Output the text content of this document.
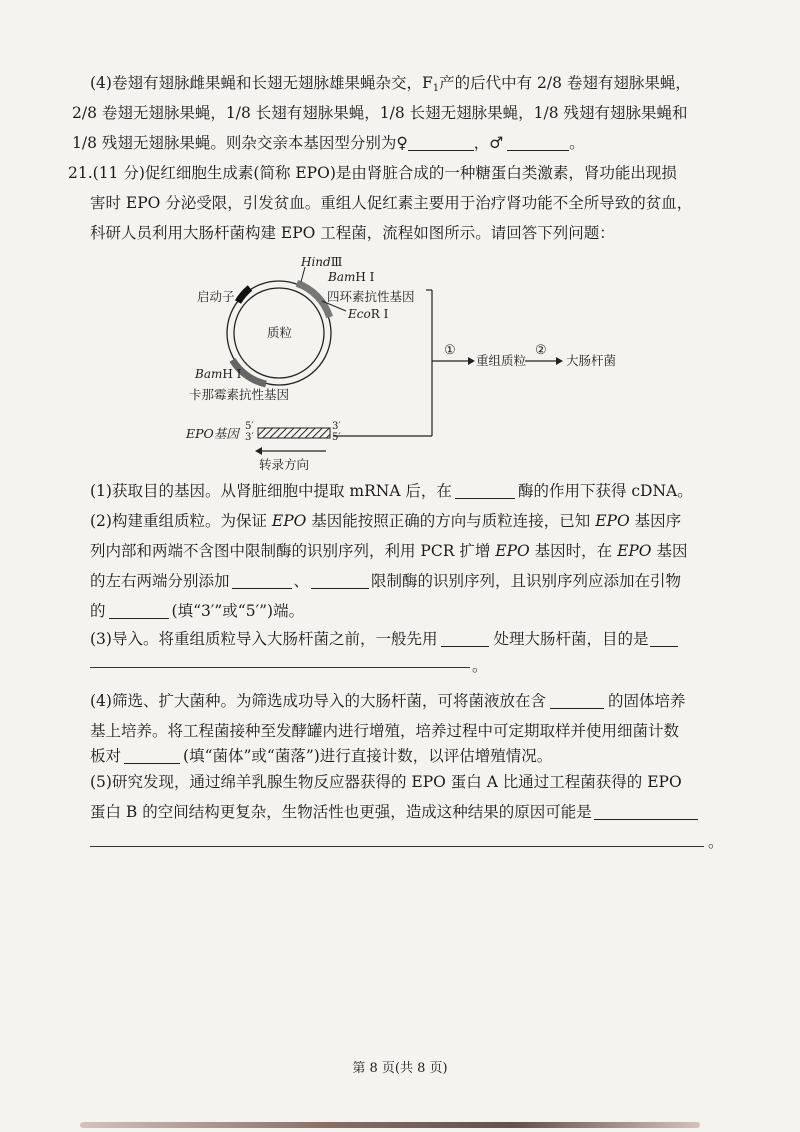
(4)卷翅有翅脉雌果蝇和长翅无翅脉雄果蝇杂交，$F_1$产的后代中有 2/8 卷翅有翅脉果蝇，
2/8 卷翅无翅脉果蝇，1/8 长翅有翅脉果蝇，1/8 长翅无翅脉果蝇，1/8 残翅有翅脉果蝇和
1/8 残翅无翅脉果蝇。则杂交亲本基因型分别为♀	，♂	。
21.(11 分)促红细胞生成素(简称 EPO)是由肾脏合成的一种糖蛋白类激素，肾功能出现损
害时 EPO 分泌受限，引发贫血。重组人促红素主要用于治疗肾功能不全所导致的贫血，
科研人员利用大肠杆菌构建 EPO 工程菌，流程如图所示。请回答下列问题：
HindⅢ
BamH Ⅰ
四环素抗性基因
EcoR Ⅰ
启动子
质粒
BamH Ⅰ
卡那霉素抗性基因
EPO基因 5′
3′
3′
5′
转录方向
①	②
重组质粒	大肠杆菌
(1)获取目的基因。从肾脏细胞中提取 mRNA 后，在	酶的作用下获得 cDNA。
(2)构建重组质粒。为保证 EPO 基因能按照正确的方向与质粒连接，已知 EPO 基因序
列内部和两端不含图中限制酶的识别序列，利用 PCR 扩增 EPO 基因时，在 EPO 基因
的左右两端分别添加	、	限制酶的识别序列，且识别序列应添加在引物
的	(填“3′”或“5′”)端。
(3)导入。将重组质粒导入大肠杆菌之前，一般先用	处理大肠杆菌，目的是
。
(4)筛选、扩大菌种。为筛选成功导入的大肠杆菌，可将菌液放在含	的固体培养
基上培养。将工程菌接种至发酵罐内进行增殖，培养过程中可定期取样并使用细菌计数
板对	(填“菌体”或“菌落”)进行直接计数，以评估增殖情况。
(5)研究发现，通过绵羊乳腺生物反应器获得的 EPO 蛋白 A 比通过工程菌获得的 EPO
蛋白 B 的空间结构更复杂，生物活性也更强，造成这种结果的原因可能是
。
第 8 页(共 8 页)
